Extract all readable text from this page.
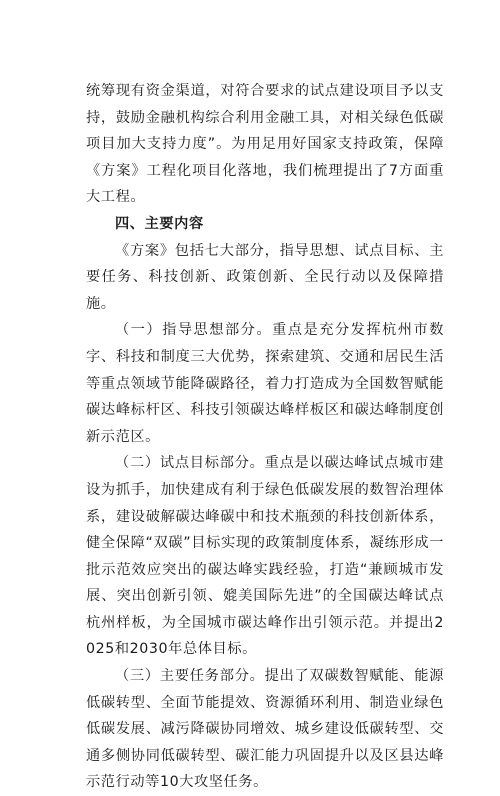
统筹现有资金渠道，对符合要求的试点建设项目予以支持，鼓励金融机构综合利用金融工具，对相关绿色低碳项目加大支持力度”。为用足用好国家支持政策，保障《方案》工程化项目化落地，我们梳理提出了7方面重大工程。

四、主要内容

《方案》包括七大部分，指导思想、试点目标、主要任务、科技创新、政策创新、全民行动以及保障措施。

（一）指导思想部分。重点是充分发挥杭州市数字、科技和制度三大优势，探索建筑、交通和居民生活等重点领域节能降碳路径，着力打造成为全国数智赋能碳达峰标杆区、科技引领碳达峰样板区和碳达峰制度创新示范区。

（二）试点目标部分。重点是以碳达峰试点城市建设为抓手，加快建成有利于绿色低碳发展的数智治理体系，建设破解碳达峰碳中和技术瓶颈的科技创新体系，健全保障“双碳”目标实现的政策制度体系，凝练形成一批示范效应突出的碳达峰实践经验，打造“兼顾城市发展、突出创新引领、媲美国际先进”的全国碳达峰试点杭州样板，为全国城市碳达峰作出引领示范。并提出2025和2030年总体目标。

（三）主要任务部分。提出了双碳数智赋能、能源低碳转型、全面节能提效、资源循环利用、制造业绿色低碳发展、减污降碳协同增效、城乡建设低碳转型、交通多侧协同低碳转型、碳汇能力巩固提升以及区县达峰示范行动等10大攻坚任务。
